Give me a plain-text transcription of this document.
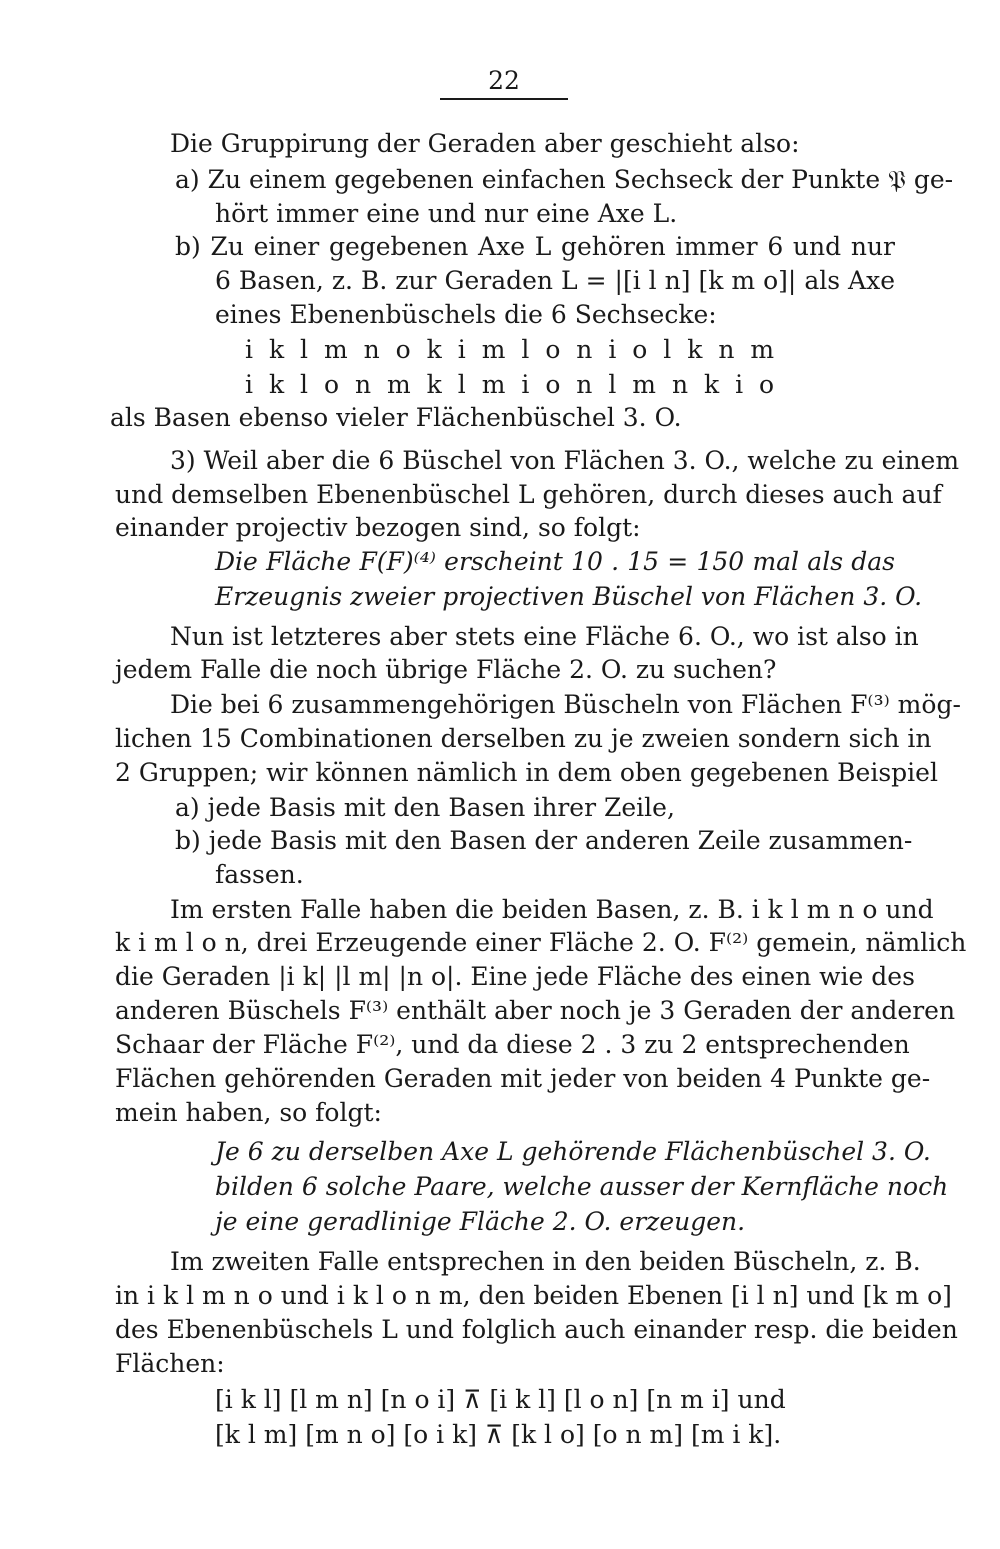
22
Die Gruppirung der Geraden aber geschieht also:
a) Zu einem gegebenen einfachen Sechseck der Punkte 𝔓 ge-
hört immer eine und nur eine Axe L.
b) Zu einer gegebenen Axe L gehören immer 6 und nur
6 Basen, z. B. zur Geraden L = |[i l n] [k m o]| als Axe
eines Ebenenbüschels die 6 Sechsecke:
i k l m n o k i m l o n i o l k n m
i k l o n m k l m i o n l m n k i o
als Basen ebenso vieler Flächenbüschel 3. O.
3) Weil aber die 6 Büschel von Flächen 3. O., welche zu einem
und demselben Ebenenbüschel L gehören, durch dieses auch auf
einander projectiv bezogen sind, so folgt:
Die Fläche F(F)⁽⁴⁾ erscheint 10 . 15 = 150 mal als das
Erzeugnis zweier projectiven Büschel von Flächen 3. O.
Nun ist letzteres aber stets eine Fläche 6. O., wo ist also in
jedem Falle die noch übrige Fläche 2. O. zu suchen?
Die bei 6 zusammengehörigen Büscheln von Flächen F⁽³⁾ mög-
lichen 15 Combinationen derselben zu je zweien sondern sich in
2 Gruppen; wir können nämlich in dem oben gegebenen Beispiel
a) jede Basis mit den Basen ihrer Zeile,
b) jede Basis mit den Basen der anderen Zeile zusammen-
fassen.
Im ersten Falle haben die beiden Basen, z. B. i k l m n o und
k i m l o n, drei Erzeugende einer Fläche 2. O. F⁽²⁾ gemein, nämlich
die Geraden |i k| |l m| |n o|. Eine jede Fläche des einen wie des
anderen Büschels F⁽³⁾ enthält aber noch je 3 Geraden der anderen
Schaar der Fläche F⁽²⁾, und da diese 2 . 3 zu 2 entsprechenden
Flächen gehörenden Geraden mit jeder von beiden 4 Punkte ge-
mein haben, so folgt:
Je 6 zu derselben Axe L gehörende Flächenbüschel 3. O.
bilden 6 solche Paare, welche ausser der Kernfläche noch
je eine geradlinige Fläche 2. O. erzeugen.
Im zweiten Falle entsprechen in den beiden Büscheln, z. B.
in i k l m n o und i k l o n m, den beiden Ebenen [i l n] und [k m o]
des Ebenenbüschels L und folglich auch einander resp. die beiden
Flächen:
[i k l] [l m n] [n o i] ⊼ [i k l] [l o n] [n m i] und
[k l m] [m n o] [o i k] ⊼ [k l o] [o n m] [m i k].
